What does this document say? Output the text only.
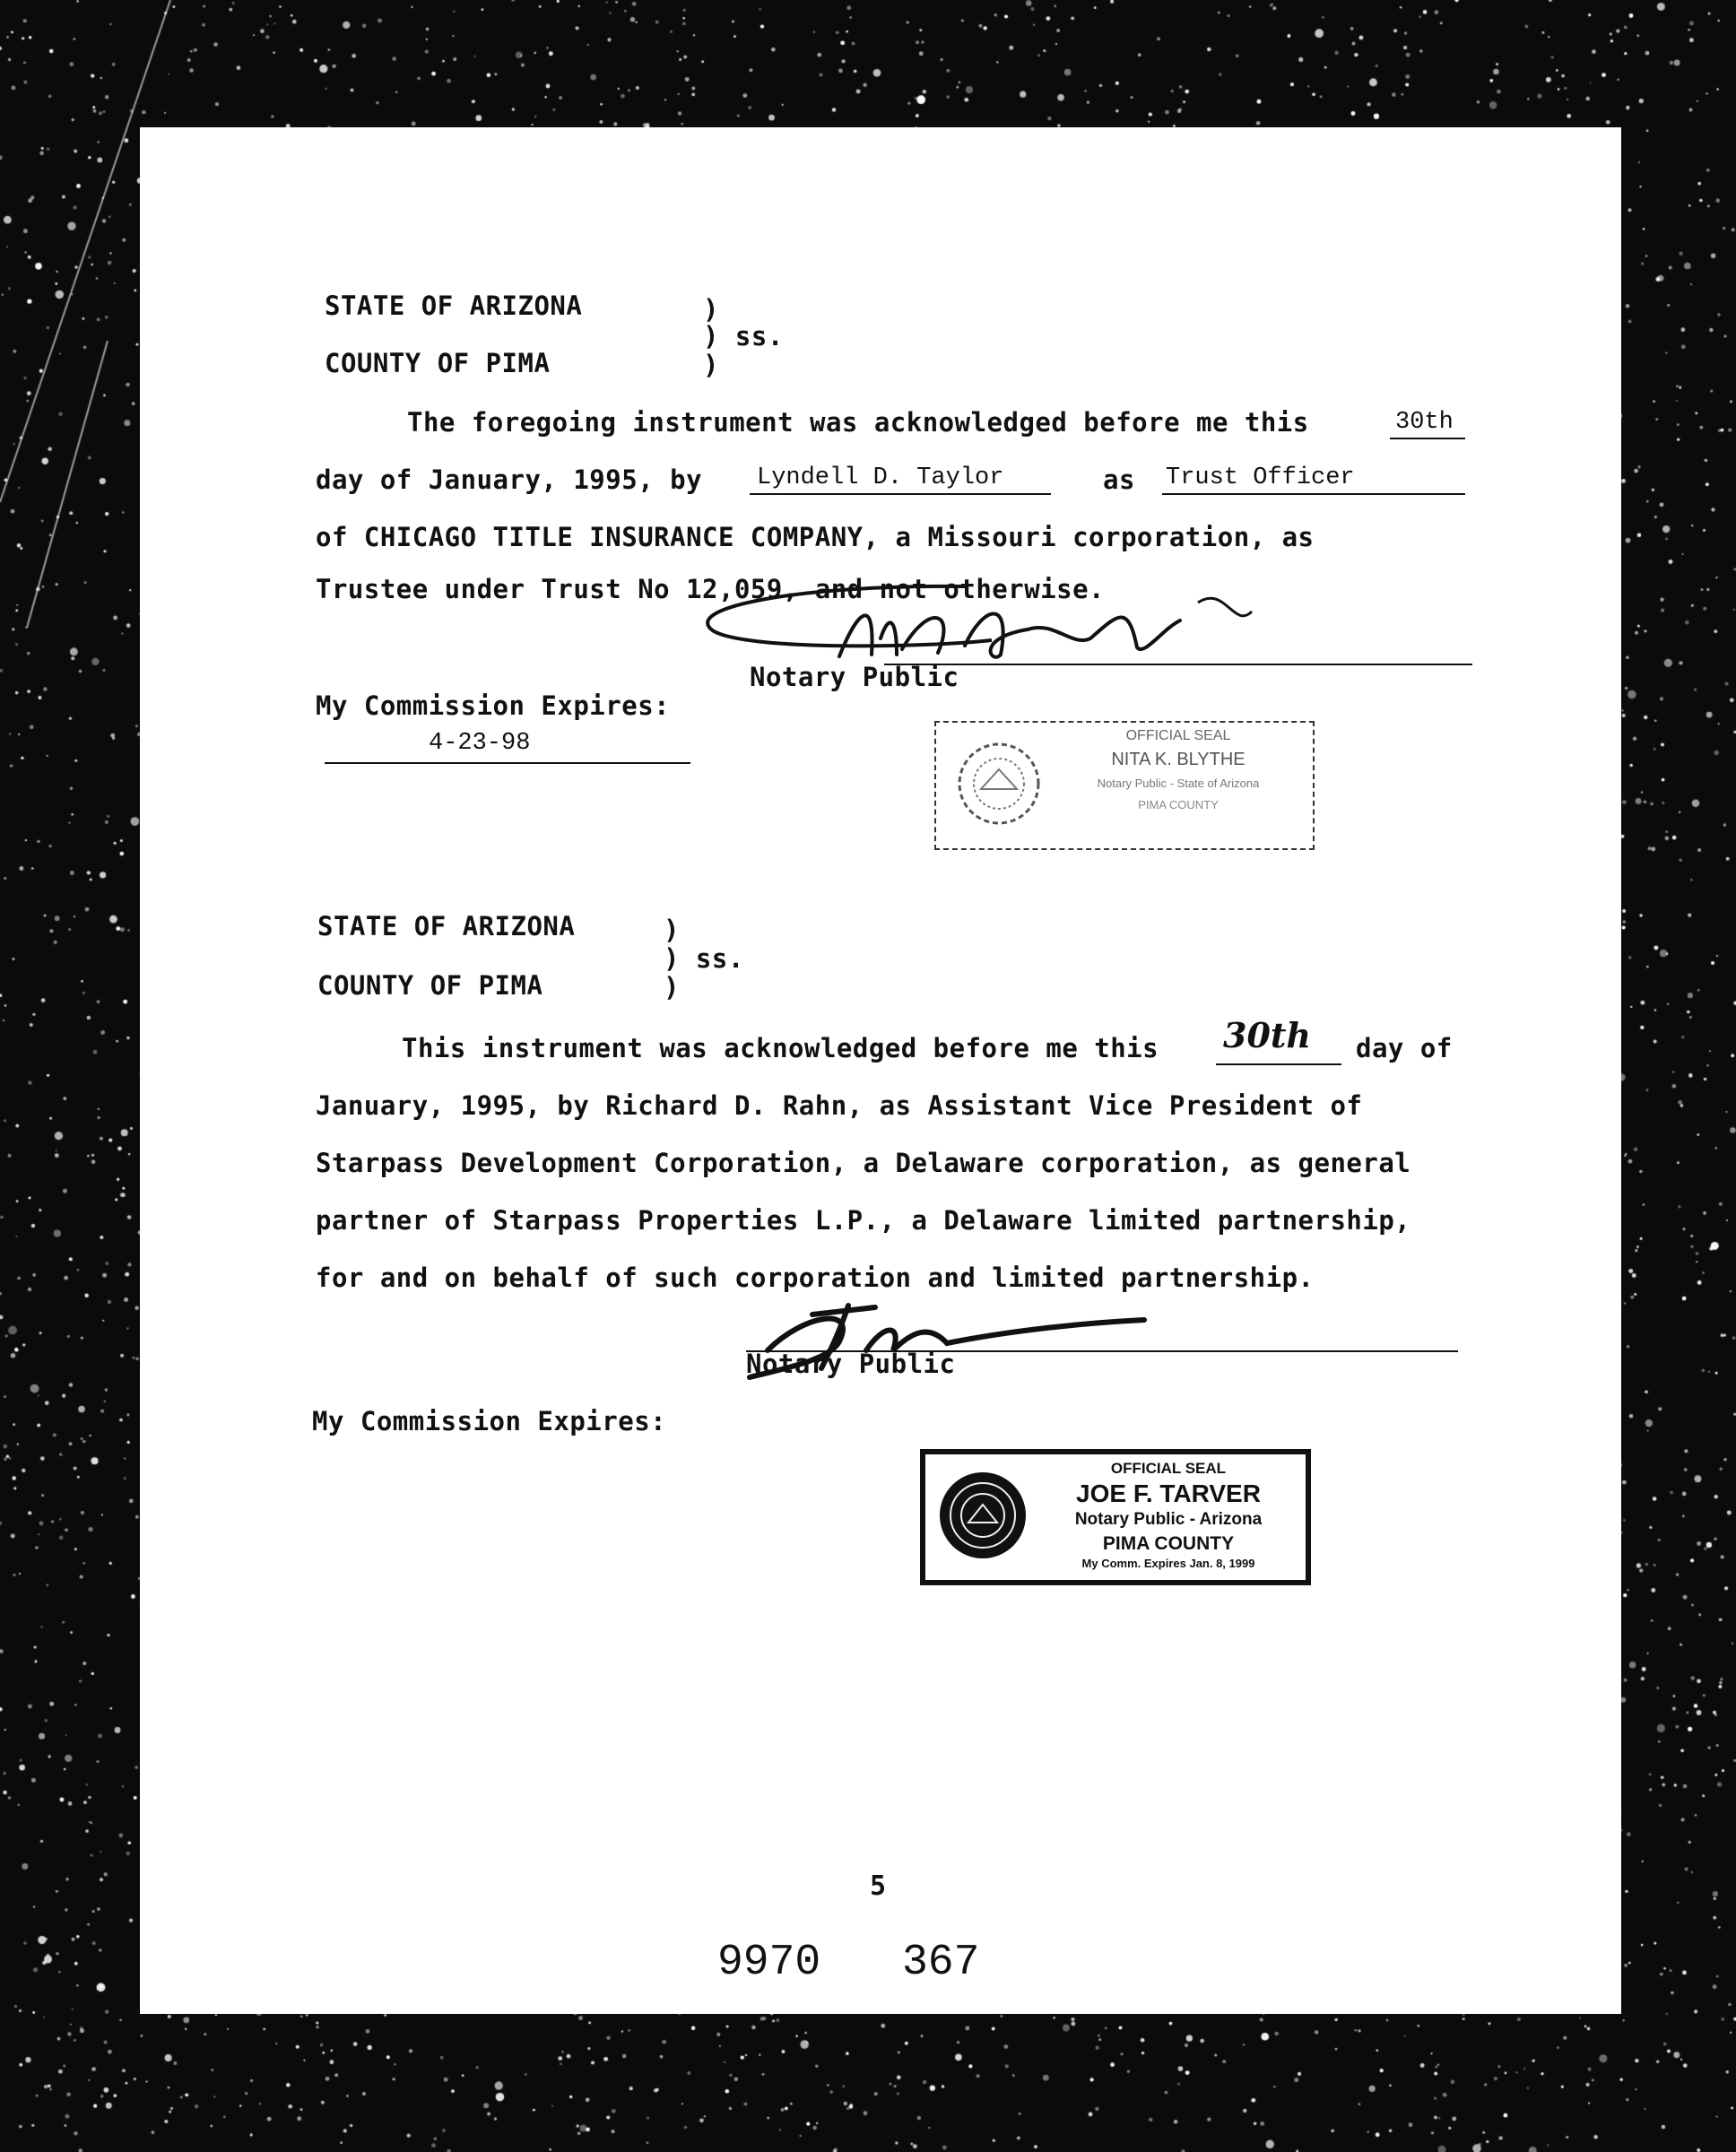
STATE OF ARIZONA	)
) ss.
)
COUNTY OF PIMA
The foregoing instrument was acknowledged before me this	30th
day of January, 1995, by Lyndell D. Taylor	as Trust Officer
of CHICAGO TITLE INSURANCE COMPANY, a Missouri corporation, as
Trustee under Trust No 12,059, and not otherwise.
Notary Public
My Commission Expires:
4-23-98	OFFICIAL SEAL
NITA K. BLYTHE
Notary Public - State of Arizona
PIMA COUNTY
STATE OF ARIZONA	)
) ss.
)
COUNTY OF PIMA
This instrument was acknowledged before me this 30th day of
January, 1995, by Richard D. Rahn, as Assistant Vice President of
Starpass Development Corporation, a Delaware corporation, as general
partner of Starpass Properties L.P., a Delaware limited partnership,
for and on behalf of such corporation and limited partnership.
Notary Public
My Commission Expires:
OFFICIAL SEAL
JOE F. TARVER
Notary Public - Arizona
PIMA COUNTY
My Comm. Expires Jan. 8, 1999
5
9970 367
